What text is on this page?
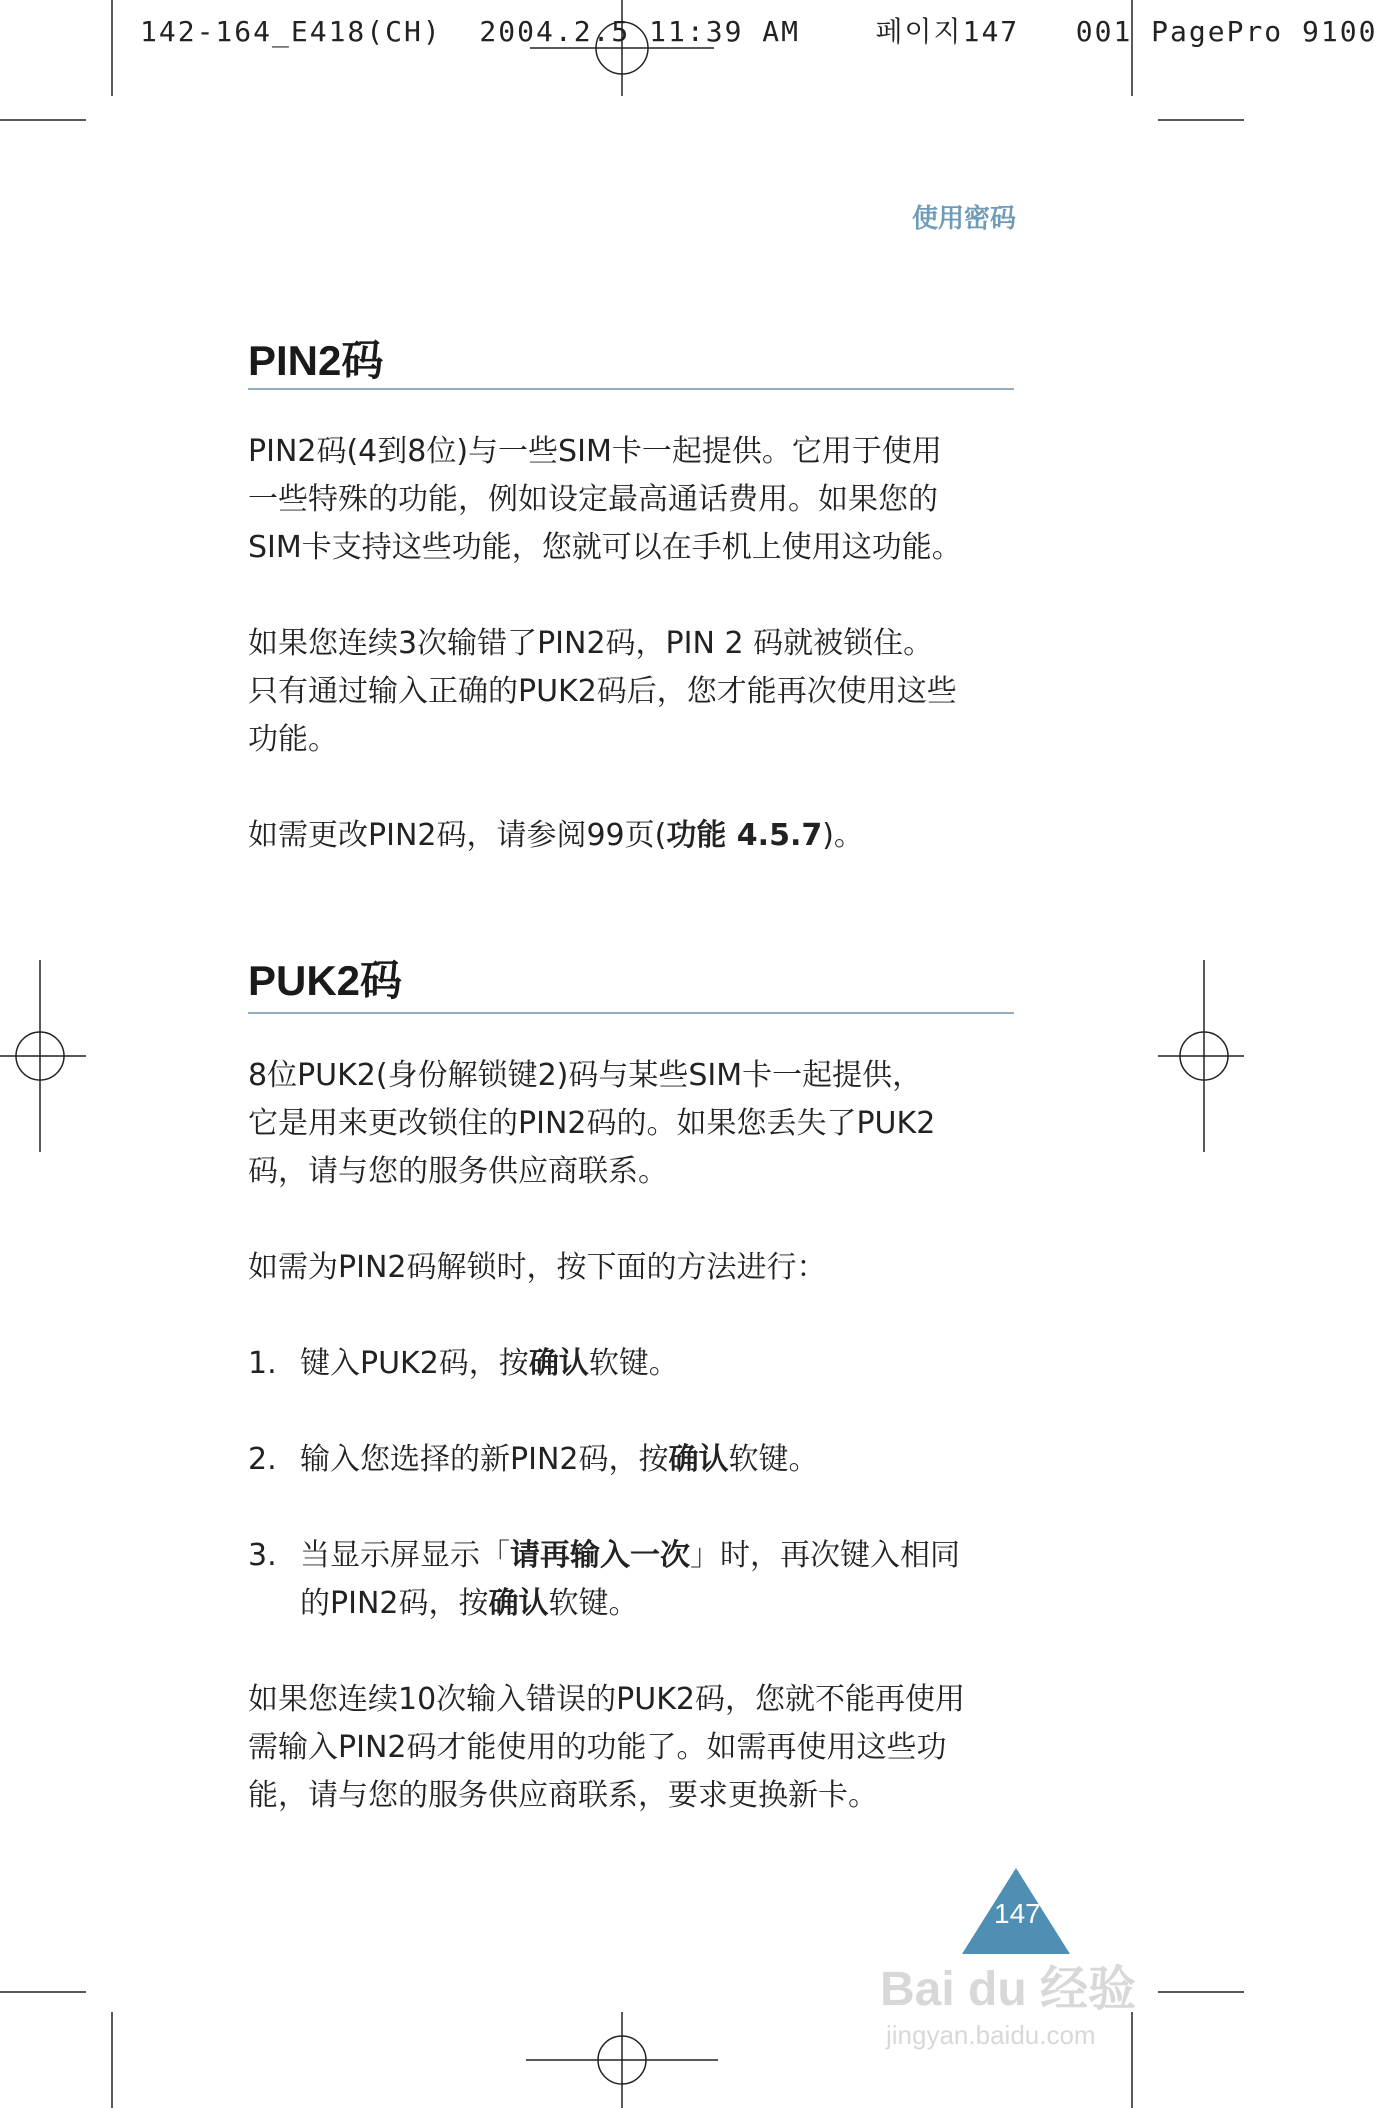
142-164_E418(CH)  2004.2.5 11:39 AM    페이지147   001 PagePro 9100
使用密码
PIN2码
PIN2码(4到8位)与一些SIM卡一起提供。它用于使用
一些特殊的功能，例如设定最高通话费用。如果您的
SIM卡支持这些功能，您就可以在手机上使用这功能。
如果您连续3次输错了PIN2码，PIN 2 码就被锁住。
只有通过输入正确的PUK2码后，您才能再次使用这些
功能。
如需更改PIN2码，请参阅99页(功能 4.5.7)。
PUK2码
8位PUK2(身份解锁键2)码与某些SIM卡一起提供，
它是用来更改锁住的PIN2码的。如果您丢失了PUK2
码，请与您的服务供应商联系。
如需为PIN2码解锁时，按下面的方法进行：
1. 键入PUK2码，按确认软键。
2. 输入您选择的新PIN2码，按确认软键。
3. 当显示屏显示「请再输入一次」时，再次键入相同
的PIN2码，按确认软键。
如果您连续10次输入错误的PUK2码，您就不能再使用
需输入PIN2码才能使用的功能了。如需再使用这些功
能，请与您的服务供应商联系，要求更换新卡。
147
Bai du 经验
jingyan.baidu.com
